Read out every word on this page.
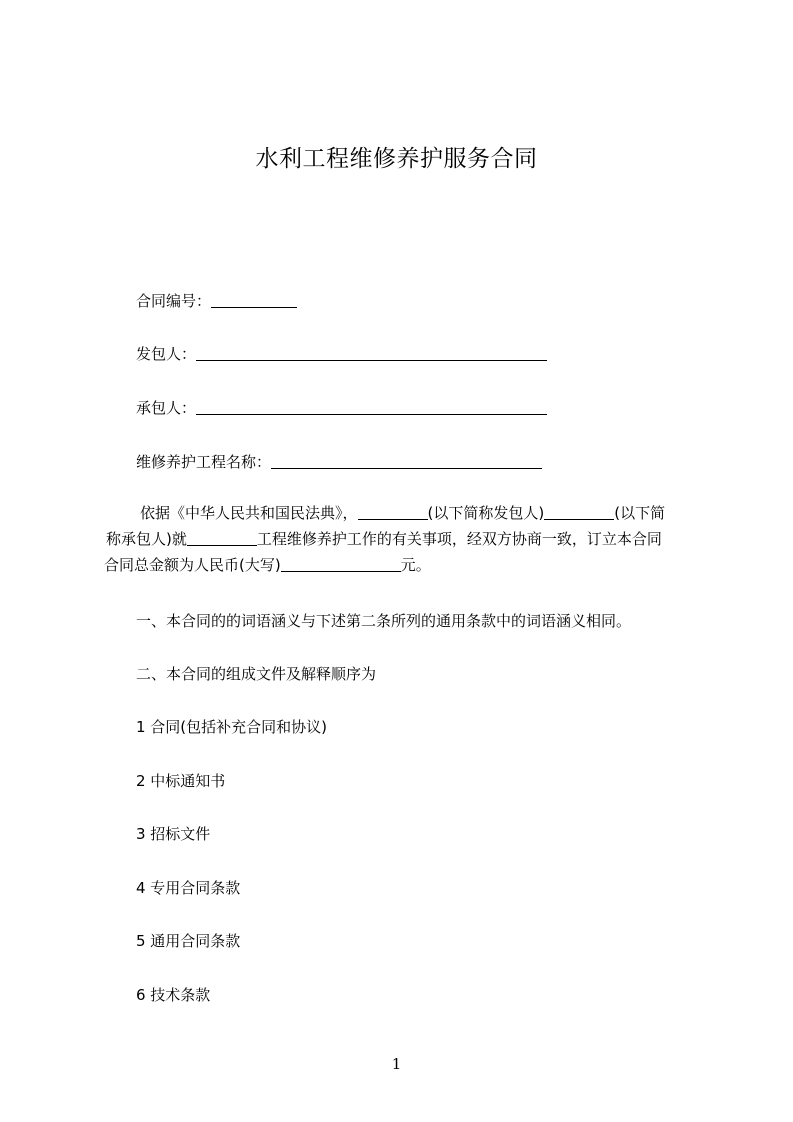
水利工程维修养护服务合同
合同编号：
发包人：
承包人：
维修养护工程名称：
依据《中华人民共和国民法典》，	(以下简称发包人)	(以下简
称承包人)就	工程维修养护工作的有关事项，经双方协商一致，订立本合同
合同总金额为人民币(大写)	元。
一、本合同的的词语涵义与下述第二条所列的通用条款中的词语涵义相同。
二、本合同的组成文件及解释顺序为
1 合同(包括补充合同和协议)
2 中标通知书
3 招标文件
4 专用合同条款
5 通用合同条款
6 技术条款
1
